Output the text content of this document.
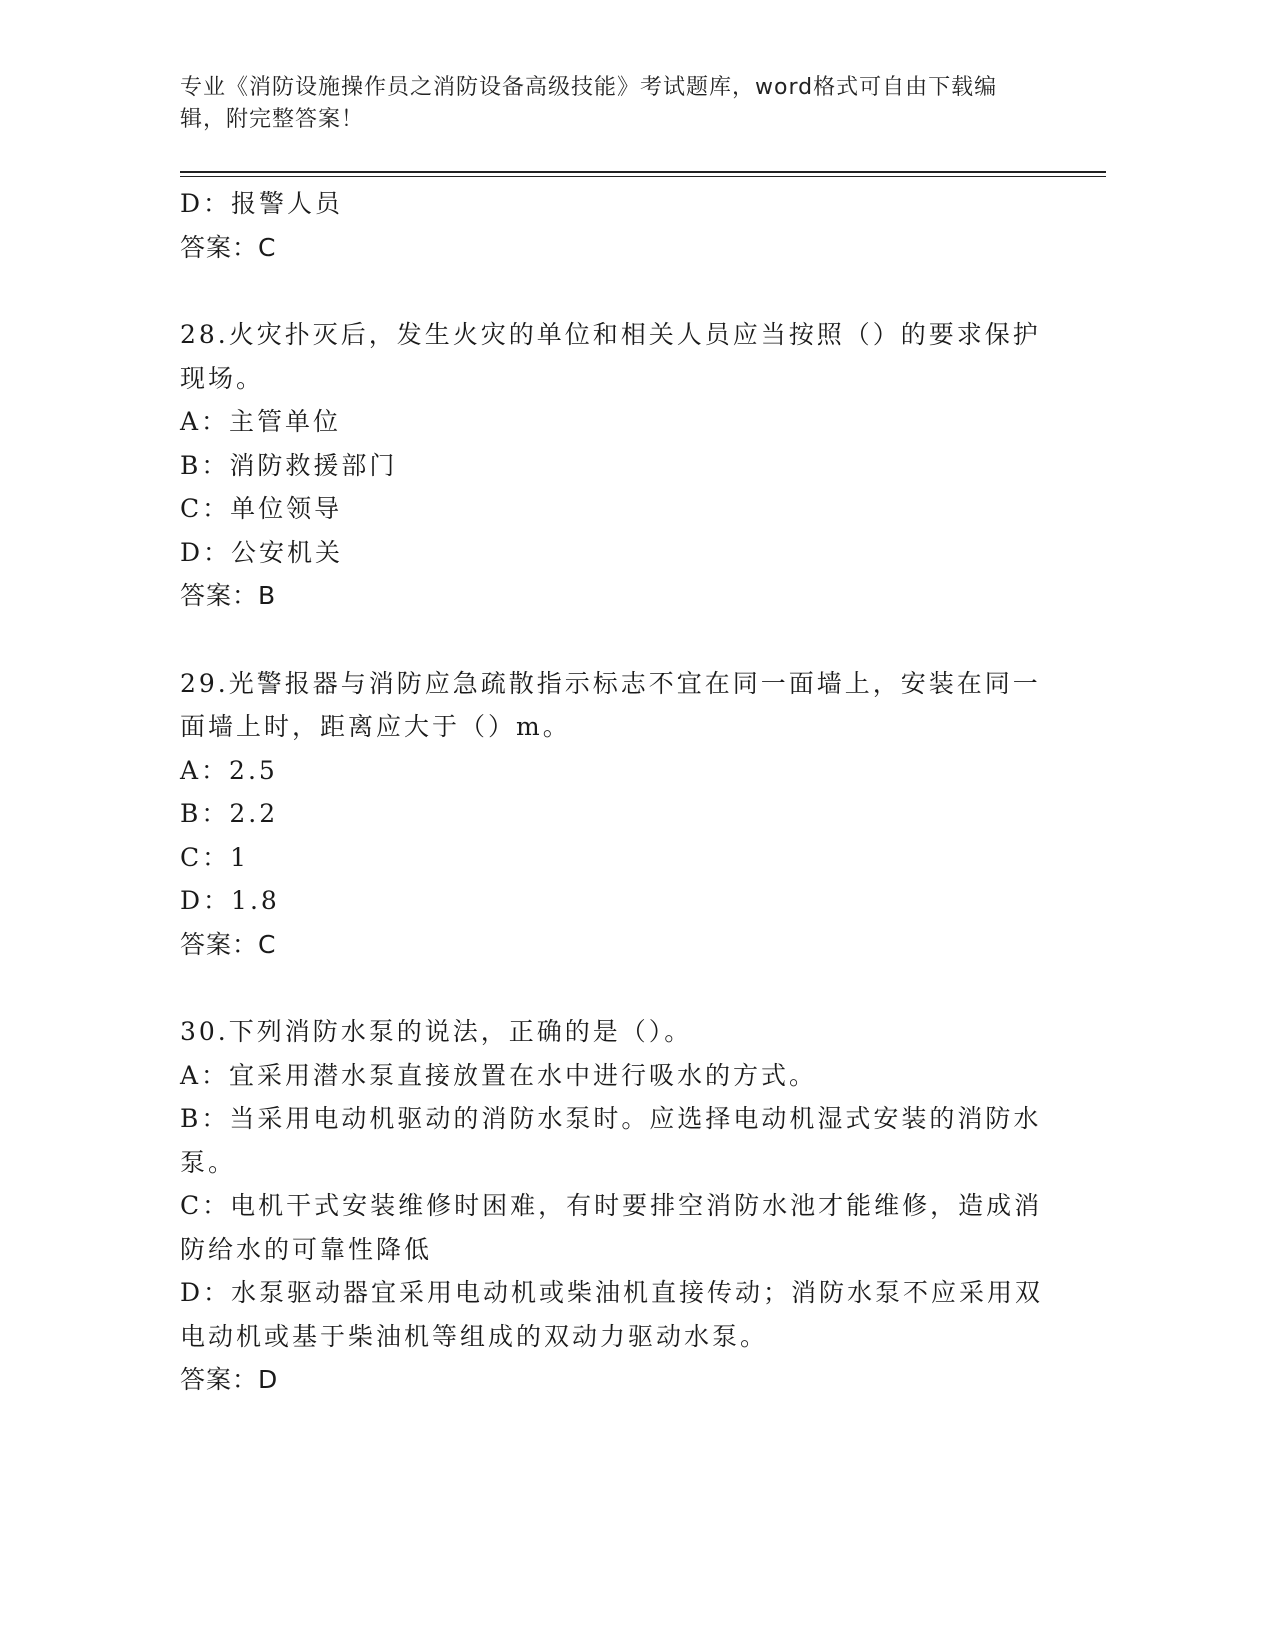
专业《消防设施操作员之消防设备高级技能》考试题库，word格式可自由下载编
辑，附完整答案！
D：报警人员
答案：C
28.火灾扑灭后，发生火灾的单位和相关人员应当按照（）的要求保护
现场。
A：主管单位
B：消防救援部门
C：单位领导
D：公安机关
答案：B
29.光警报器与消防应急疏散指示标志不宜在同一面墙上，安装在同一
面墙上时，距离应大于（）m。
A：2.5
B：2.2
C：1
D：1.8
答案：C
30.下列消防水泵的说法，正确的是（）。
A：宜采用潜水泵直接放置在水中进行吸水的方式。
B：当采用电动机驱动的消防水泵时。应选择电动机湿式安装的消防水
泵。
C：电机干式安装维修时困难，有时要排空消防水池才能维修，造成消
防给水的可靠性降低
D：水泵驱动器宜采用电动机或柴油机直接传动；消防水泵不应采用双
电动机或基于柴油机等组成的双动力驱动水泵。
答案：D
